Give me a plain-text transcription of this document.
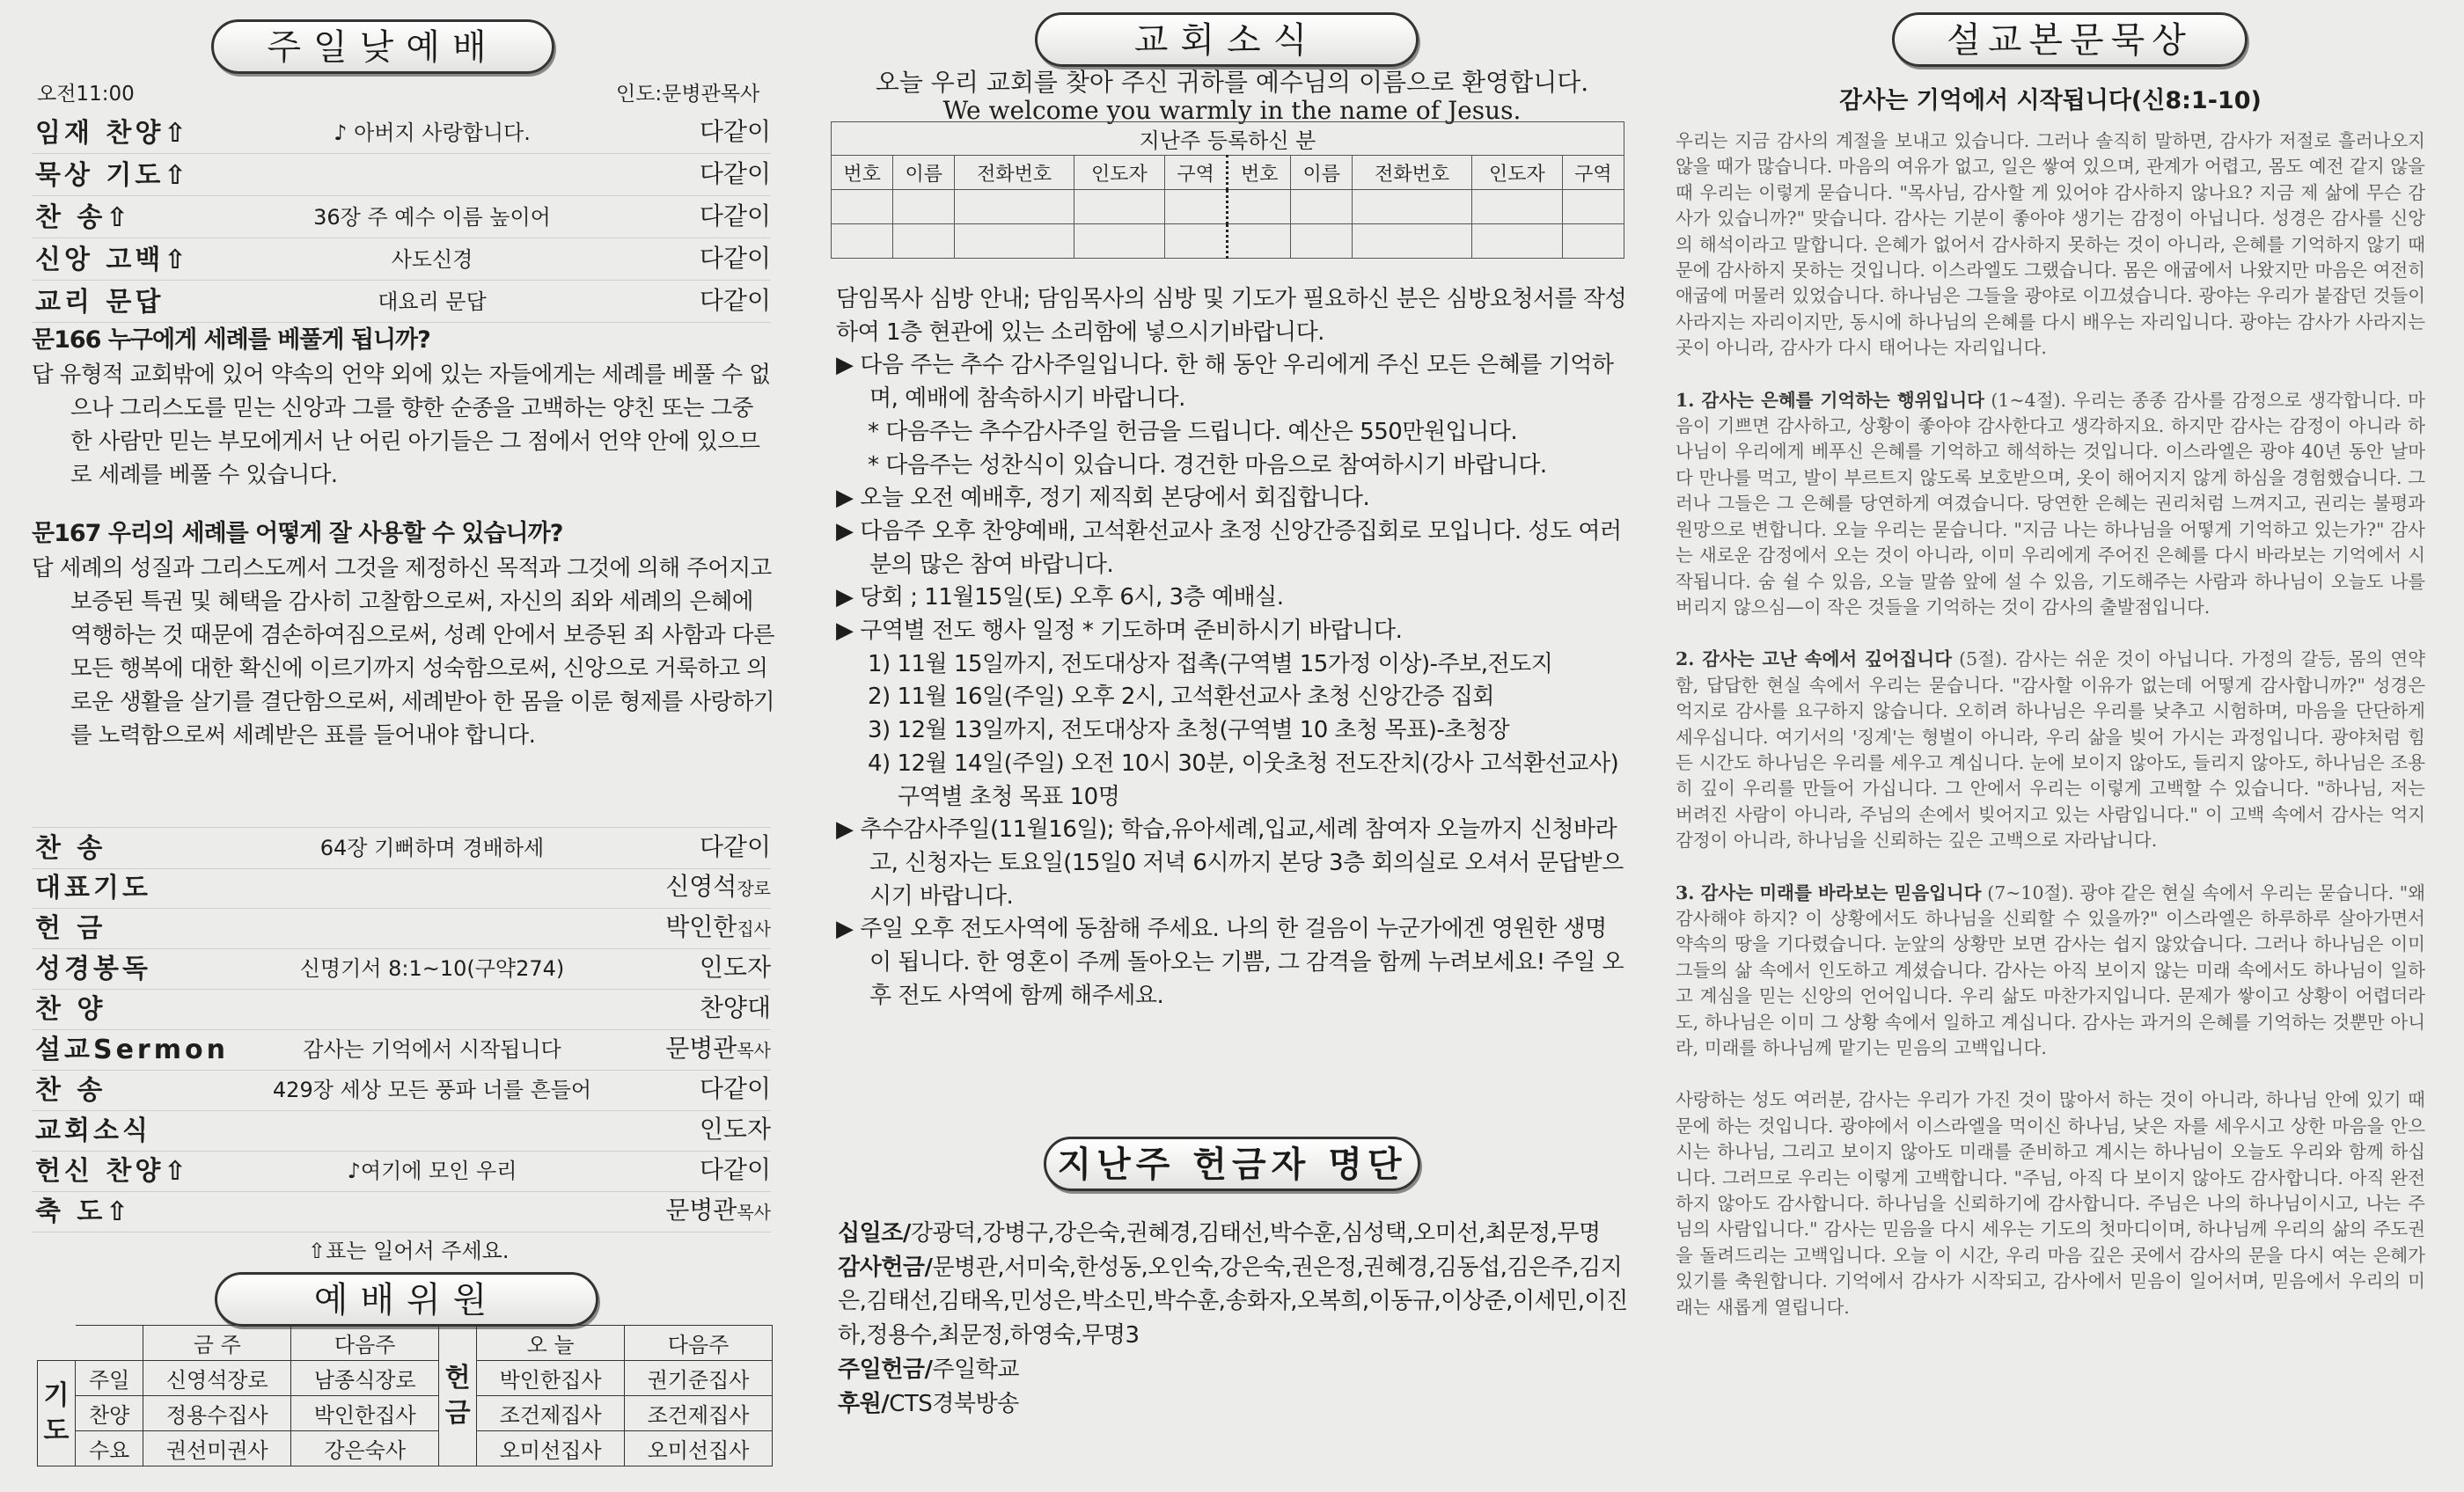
주일낮예배
오전11:00	인도:문병관목사
임재 찬양⇧	♪ 아버지 사랑합니다.	다같이
묵상 기도⇧	다같이
찬 송⇧	36장 주 예수 이름 높이어	다같이
신앙 고백⇧	사도신경	다같이
교리 문답	대요리 문답	다같이
문166 누구에게 세례를 베풀게 됩니까?
답 유형적 교회밖에 있어 약속의 언약 외에 있는 자들에게는 세례를 베풀 수 없으나 그리스도를 믿는 신앙과 그를 향한 순종을 고백하는 양친 또는 그중 한 사람만 믿는 부모에게서 난 어린 아기들은 그 점에서 언약 안에 있으므로 세례를 베풀 수 있습니다.
문167 우리의 세례를 어떻게 잘 사용할 수 있습니까?
답 세례의 성질과 그리스도께서 그것을 제정하신 목적과 그것에 의해 주어지고 보증된 특권 및 혜택을 감사히 고찰함으로써, 자신의 죄와 세례의 은혜에 역행하는 것 때문에 겸손하여짐으로써, 성례 안에서 보증된 죄 사함과 다른 모든 행복에 대한 확신에 이르기까지 성숙함으로써, 신앙으로 거룩하고 의로운 생활을 살기를 결단함으로써, 세례받아 한 몸을 이룬 형제를 사랑하기를 노력함으로써 세례받은 표를 들어내야 합니다.
찬 송	64장 기뻐하며 경배하세	다같이
대표기도	신영석장로
헌 금	박인한집사
성경봉독	신명기서 8:1~10(구약274)	인도자
찬 양	찬양대
설교Sermon	감사는 기억에서 시작됩니다	문병관목사
찬 송	429장 세상 모든 풍파 너를 흔들어	다같이
교회소식	인도자
헌신 찬양⇧	♪여기에 모인 우리	다같이
축 도⇧	문병관목사
⇧표는 일어서 주세요.
예배위원
		금 주	다음주	헌 금	오 늘	다음주
기 도	주일	신영석장로	남종식장로		박인한집사	권기준집사
	찬양	정용수집사	박인한집사		조건제집사	조건제집사
	수요	권선미권사	강은숙사		오미선집사	오미선집사
오늘 우리 교회를 찾아 주신 귀하를 예수님의 이름으로 환영합니다.
We welcome you warmly in the name of Jesus.
교회소식
지난주 등록하신 분									
번호	이름	전화번호	인도자	구역	번호	이름	전화번호	인도자	구역

담임목사 심방 안내; 담임목사의 심방 및 기도가 필요하신 분은 심방요청서를 작성하여 1층 현관에 있는 소리함에 넣으시기바랍니다.
▶ 다음 주는 추수 감사주일입니다. 한 해 동안 우리에게 주신 모든 은혜를 기억하며, 예배에 참속하시기 바랍니다.
* 다음주는 추수감사주일 헌금을 드립니다. 예산은 550만원입니다.
* 다음주는 성찬식이 있습니다. 경건한 마음으로 참여하시기 바랍니다.
▶ 오늘 오전 예배후, 정기 제직회 본당에서 회집합니다.
▶ 다음주 오후 찬양예배, 고석환선교사 초정 신앙간증집회로 모입니다. 성도 여러분의 많은 참여 바랍니다.
▶ 당회 ; 11월15일(토) 오후 6시, 3층 예배실.
▶ 구역별 전도 행사 일정 * 기도하며 준비하시기 바랍니다.
1) 11월 15일까지, 전도대상자 접촉(구역별 15가정 이상)-주보,전도지
2) 11월 16일(주일) 오후 2시, 고석환선교사 초청 신앙간증 집회
3) 12월 13일까지, 전도대상자 초청(구역별 10 초청 목표)-초청장
4) 12월 14일(주일) 오전 10시 30분, 이웃초청 전도잔치(강사 고석환선교사) 구역별 초청 목표 10명
▶ 추수감사주일(11월16일); 학습,유아세례,입교,세례 참여자 오늘까지 신청바라고, 신청자는 토요일(15일0 저녁 6시까지 본당 3층 회의실로 오셔서 문답받으시기 바랍니다.
▶ 주일 오후 전도사역에 동참해 주세요. 나의 한 걸음이 누군가에겐 영원한 생명이 됩니다. 한 영혼이 주께 돌아오는 기쁨, 그 감격을 함께 누려보세요! 주일 오후 전도 사역에 함께 해주세요.
지난주 헌금자 명단
십일조/강광덕,강병구,강은숙,권혜경,김태선,박수훈,심성택,오미선,최문정,무명
감사헌금/문병관,서미숙,한성동,오인숙,강은숙,권은정,권혜경,김동섭,김은주,김지은,김태선,김태옥,민성은,박소민,박수훈,송화자,오복희,이동규,이상준,이세민,이진하,정용수,최문정,하영숙,무명3
주일헌금/주일학교
후원/CTS경북방송
설교본문묵상
감사는 기억에서 시작됩니다(신8:1-10)

우리는 지금 감사의 계절을 보내고 있습니다. 그러나 솔직히 말하면, 감사가 저절로 흘러나오지 않을 때가 많습니다. 마음의 여유가 없고, 일은 쌓여 있으며, 관계가 어렵고, 몸도 예전 같지 않을 때 우리는 이렇게 묻습니다. "목사님, 감사할 게 있어야 감사하지 않나요? 지금 제 삶에 무슨 감사가 있습니까?" 맞습니다. 감사는 기분이 좋아야 생기는 감정이 아닙니다. 성경은 감사를 신앙의 해석이라고 말합니다. 은혜가 없어서 감사하지 못하는 것이 아니라, 은혜를 기억하지 않기 때문에 감사하지 못하는 것입니다. 이스라엘도 그랬습니다. 몸은 애굽에서 나왔지만 마음은 여전히 애굽에 머물러 있었습니다. 하나님은 그들을 광야로 이끄셨습니다. 광야는 우리가 붙잡던 것들이 사라지는 자리이지만, 동시에 하나님의 은혜를 다시 배우는 자리입니다. 광야는 감사가 사라지는 곳이 아니라, 감사가 다시 태어나는 자리입니다.

1. 감사는 은혜를 기억하는 행위입니다 (1~4절). 우리는 종종 감사를 감정으로 생각합니다. 마음이 기쁘면 감사하고, 상황이 좋아야 감사한다고 생각하지요. 하지만 감사는 감정이 아니라 하나님이 우리에게 베푸신 은혜를 기억하고 해석하는 것입니다. 이스라엘은 광야 40년 동안 날마다 만나를 먹고, 발이 부르트지 않도록 보호받으며, 옷이 해어지지 않게 하심을 경험했습니다. 그러나 그들은 그 은혜를 당연하게 여겼습니다. 당연한 은혜는 권리처럼 느껴지고, 권리는 불평과 원망으로 변합니다. 오늘 우리는 묻습니다. "지금 나는 하나님을 어떻게 기억하고 있는가?" 감사는 새로운 감정에서 오는 것이 아니라, 이미 우리에게 주어진 은혜를 다시 바라보는 기억에서 시작됩니다. 숨 쉴 수 있음, 오늘 말씀 앞에 설 수 있음, 기도해주는 사람과 하나님이 오늘도 나를 버리지 않으심—이 작은 것들을 기억하는 것이 감사의 출발점입니다.

2. 감사는 고난 속에서 깊어집니다 (5절). 감사는 쉬운 것이 아닙니다. 가정의 갈등, 몸의 연약함, 답답한 현실 속에서 우리는 묻습니다. "감사할 이유가 없는데 어떻게 감사합니까?" 성경은 억지로 감사를 요구하지 않습니다. 오히려 하나님은 우리를 낮추고 시험하며, 마음을 단단하게 세우십니다. 여기서의 '징계'는 형벌이 아니라, 우리 삶을 빚어 가시는 과정입니다. 광야처럼 힘든 시간도 하나님은 우리를 세우고 계십니다. 눈에 보이지 않아도, 들리지 않아도, 하나님은 조용히 깊이 우리를 만들어 가십니다. 그 안에서 우리는 이렇게 고백할 수 있습니다. "하나님, 저는 버려진 사람이 아니라, 주님의 손에서 빚어지고 있는 사람입니다." 이 고백 속에서 감사는 억지 감정이 아니라, 하나님을 신뢰하는 깊은 고백으로 자라납니다.

3. 감사는 미래를 바라보는 믿음입니다 (7~10절). 광야 같은 현실 속에서 우리는 묻습니다. "왜 감사해야 하지? 이 상황에서도 하나님을 신뢰할 수 있을까?" 이스라엘은 하루하루 살아가면서 약속의 땅을 기다렸습니다. 눈앞의 상황만 보면 감사는 쉽지 않았습니다. 그러나 하나님은 이미 그들의 삶 속에서 인도하고 계셨습니다. 감사는 아직 보이지 않는 미래 속에서도 하나님이 일하고 계심을 믿는 신앙의 언어입니다. 우리 삶도 마찬가지입니다. 문제가 쌓이고 상황이 어렵더라도, 하나님은 이미 그 상황 속에서 일하고 계십니다. 감사는 과거의 은혜를 기억하는 것뿐만 아니라, 미래를 하나님께 맡기는 믿음의 고백입니다.

사랑하는 성도 여러분, 감사는 우리가 가진 것이 많아서 하는 것이 아니라, 하나님 안에 있기 때문에 하는 것입니다. 광야에서 이스라엘을 먹이신 하나님, 낮은 자를 세우시고 상한 마음을 안으시는 하나님, 그리고 보이지 않아도 미래를 준비하고 계시는 하나님이 오늘도 우리와 함께 하십니다. 그러므로 우리는 이렇게 고백합니다. "주님, 아직 다 보이지 않아도 감사합니다. 아직 완전하지 않아도 감사합니다. 하나님을 신뢰하기에 감사합니다. 주님은 나의 하나님이시고, 나는 주님의 사람입니다." 감사는 믿음을 다시 세우는 기도의 첫마디이며, 하나님께 우리의 삶의 주도권을 돌려드리는 고백입니다. 오늘 이 시간, 우리 마음 깊은 곳에서 감사의 문을 다시 여는 은혜가 있기를 축원합니다. 기억에서 감사가 시작되고, 감사에서 믿음이 일어서며, 믿음에서 우리의 미래는 새롭게 열립니다.
